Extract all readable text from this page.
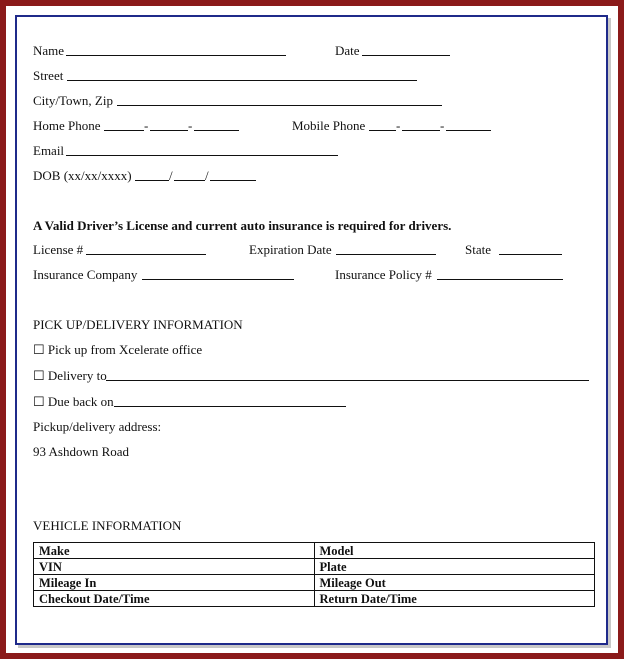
Name	Date
Street
City/Town, Zip
Home Phone	-	-	Mobile Phone -	-
Email
DOB (xx/xx/xxxx)	/ /
A Valid Driver’s License and current auto insurance is required for drivers.
License #	Expiration Date	State
Insurance Company	Insurance Policy #
PICK UP/DELIVERY INFORMATION
☐ Pick up from Xcelerate office
☐ Delivery to
☐ Due back on
Pickup/delivery address:
93 Ashdown Road
VEHICLE INFORMATION
Make	Model
VIN	Plate
Mileage In	Mileage Out
Checkout Date/Time	Return Date/Time
